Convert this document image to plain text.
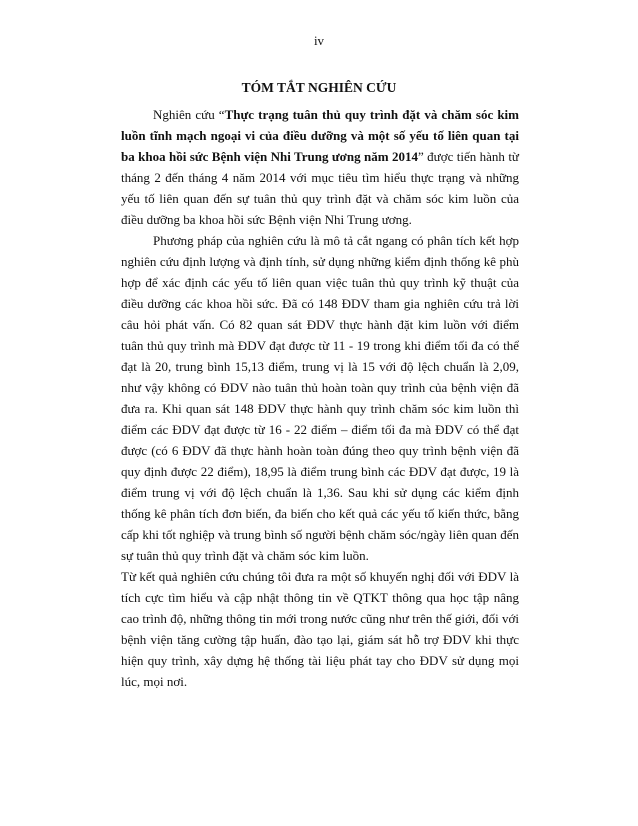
iv
TÓM TẮT NGHIÊN CỨU

Nghiên cứu “Thực trạng tuân thủ quy trình đặt và chăm sóc kim luồn tĩnh mạch ngoại vi của điều dưỡng và một số yếu tố liên quan tại ba khoa hồi sức Bệnh viện Nhi Trung ương năm 2014” được tiến hành từ tháng 2 đến tháng 4 năm 2014 với mục tiêu tìm hiểu thực trạng và những yếu tố liên quan đến sự tuân thủ quy trình đặt và chăm sóc kim luồn của điều dưỡng ba khoa hồi sức Bệnh viện Nhi Trung ương.

Phương pháp của nghiên cứu là mô tả cắt ngang có phân tích kết hợp nghiên cứu định lượng và định tính, sử dụng những kiểm định thống kê phù hợp để xác định các yếu tố liên quan việc tuân thủ quy trình kỹ thuật của điều dưỡng các khoa hồi sức. Đã có 148 ĐDV tham gia nghiên cứu trả lời câu hỏi phát vấn. Có 82 quan sát ĐDV thực hành đặt kim luồn với điểm tuân thủ quy trình mà ĐDV đạt được từ 11 - 19 trong khi điểm tối đa có thể đạt là 20, trung bình 15,13 điểm, trung vị là 15 với độ lệch chuẩn là 2,09, như vậy không có ĐDV nào tuân thủ hoàn toàn quy trình của bệnh viện đã đưa ra. Khi quan sát 148 ĐDV thực hành quy trình chăm sóc kim luồn thì điểm các ĐDV đạt được từ 16 - 22 điểm – điểm tối đa mà ĐDV có thể đạt được (có 6 ĐDV đã thực hành hoàn toàn đúng theo quy trình bệnh viện đã quy định được 22 điểm), 18,95 là điểm trung bình các ĐDV đạt được, 19 là điểm trung vị với độ lệch chuẩn là 1,36. Sau khi sử dụng các kiểm định thống kê phân tích đơn biến, đa biến cho kết quả các yếu tố kiến thức, bằng cấp khi tốt nghiệp và trung bình số người bệnh chăm sóc/ngày liên quan đến sự tuân thủ quy trình đặt và chăm sóc kim luồn.

Từ kết quả nghiên cứu chúng tôi đưa ra một số khuyến nghị đối với ĐDV là tích cực tìm hiểu và cập nhật thông tin về QTKT thông qua học tập nâng cao trình độ, những thông tin mới trong nước cũng như trên thế giới, đối với bệnh viện tăng cường tập huấn, đào tạo lại, giám sát hỗ trợ ĐDV khi thực hiện quy trình, xây dựng hệ thống tài liệu phát tay cho ĐDV sử dụng mọi lúc, mọi nơi.
